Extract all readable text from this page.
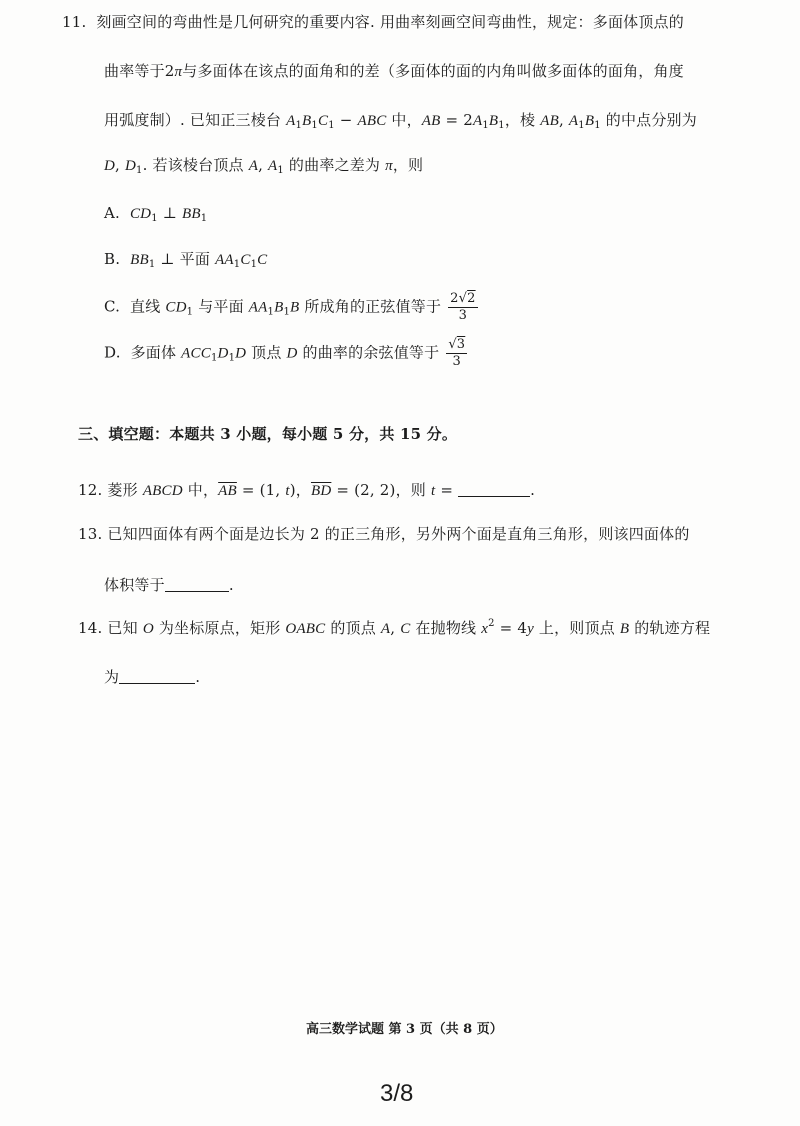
11.  刻画空间的弯曲性是几何研究的重要内容. 用曲率刻画空间弯曲性，规定：多面体顶点的
曲率等于2π与多面体在该点的面角和的差（多面体的面的内角叫做多面体的面角，角度
用弧度制）. 已知正三棱台 $A_1B_1C_1$ − ABC 中，AB = $2A_1B_1$，棱 AB, $A_1B_1$ 的中点分别为
D, $D_1$. 若该棱台顶点 A, $A_1$ 的曲率之差为 π，则
A.  $CD_1$ ⊥ $BB_1$
B.  $BB_1$ ⊥ 平面 $AA_1C_1C$
C.  直线 $CD_1$ 与平面 $AA_1B_1B$ 所成角的正弦值等于 $\frac{2√2}{3}$
D.  多面体 $ACC_1D_1D$ 顶点 D 的曲率的余弦值等于 $\frac{√3}{3}$
三、填空题：本题共 3 小题，每小题 5 分，共 15 分。
12. 菱形 ABCD 中，$\overline{AB} = (1$, t)，$\overline{BD} = (2$, 2)，则 t =	.
13. 已知四面体有两个面是边长为 2 的正三角形，另外两个面是直角三角形，则该四面体的
体积等于	.
14. 已知 O 为坐标原点，矩形 OABC 的顶点 A, C 在抛物线 $x^2 = 4y$ 上，则顶点 B 的轨迹方程
为	.
高三数学试题 第 3 页（共 8 页）
3/8
